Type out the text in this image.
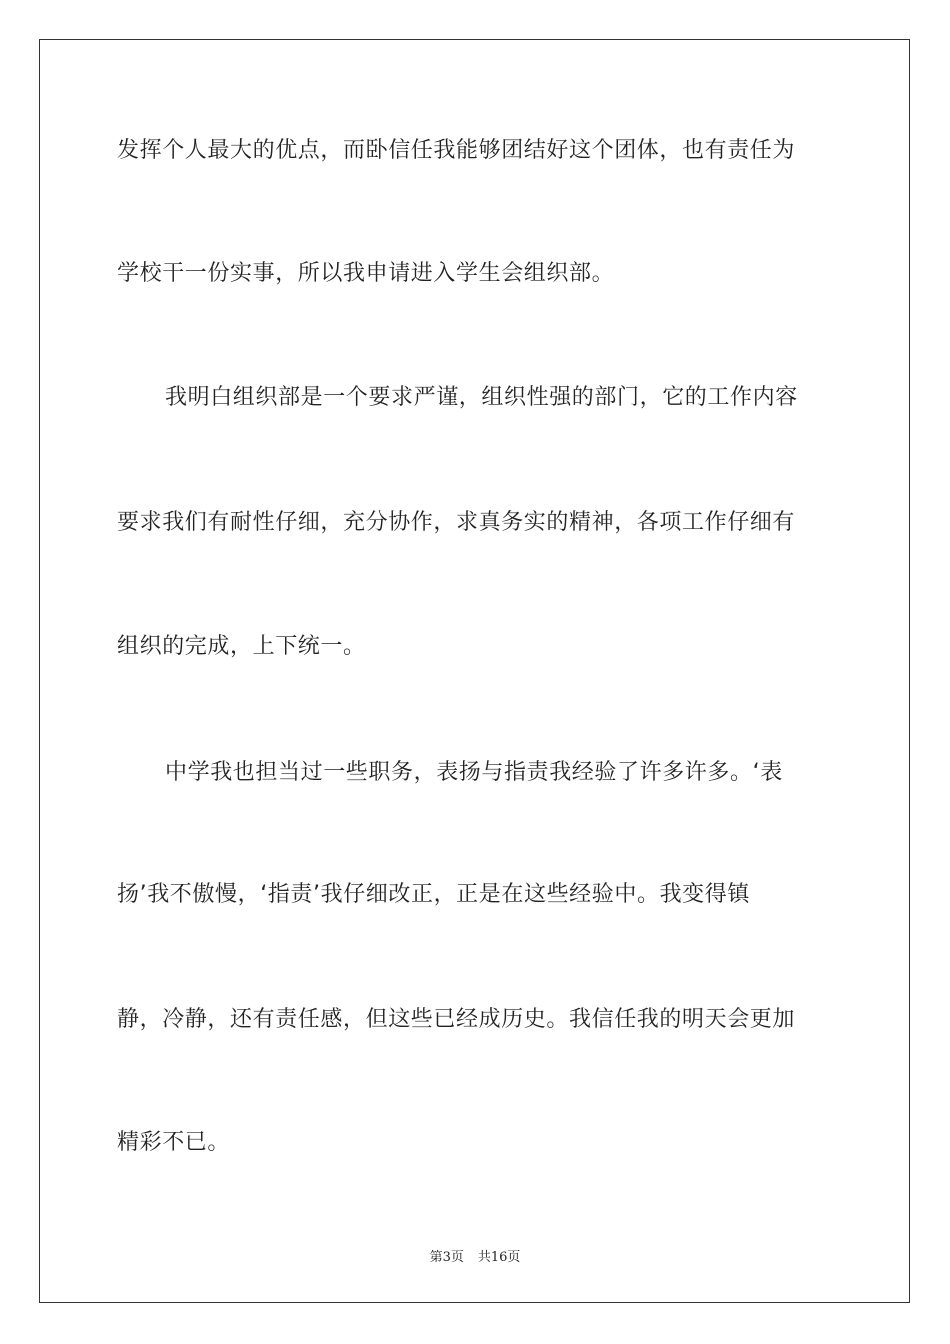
发挥个人最大的优点，而卧信任我能够团结好这个团体，也有责任为
学校干一份实事，所以我申请进入学生会组织部。
我明白组织部是一个要求严谨，组织性强的部门，它的工作内容
要求我们有耐性仔细，充分协作，求真务实的精神，各项工作仔细有
组织的完成，上下统一。
中学我也担当过一些职务，表扬与指责我经验了许多许多。‘表
扬’我不傲慢，‘指责’我仔细改正，正是在这些经验中。我变得镇
静，冷静，还有责任感，但这些已经成历史。我信任我的明天会更加
精彩不已。
第3页 共16页
